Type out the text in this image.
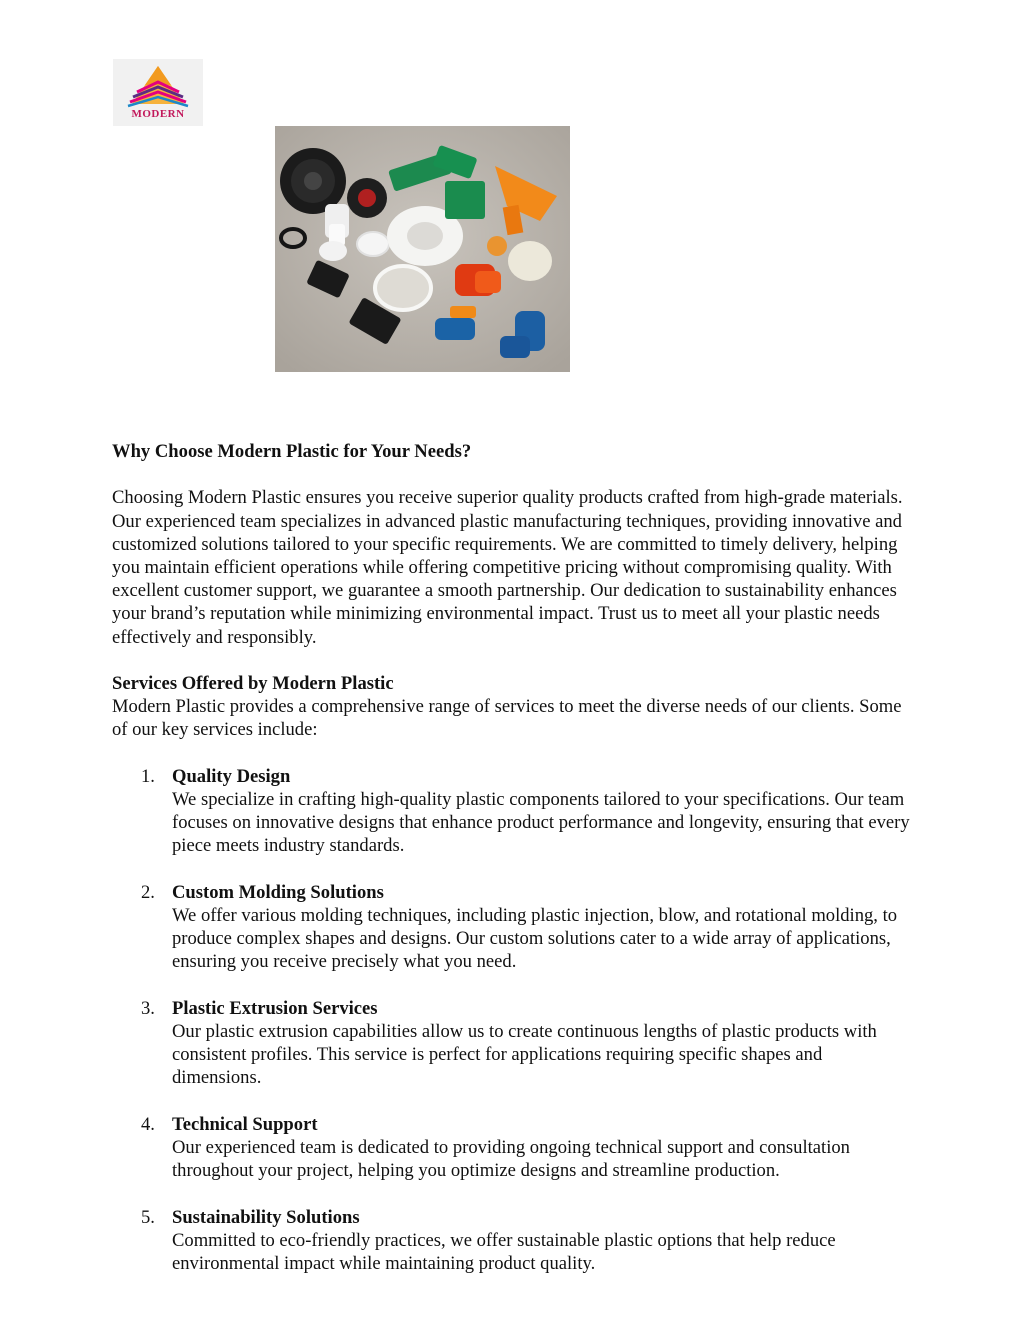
MODERN

Why Choose Modern Plastic for Your Needs?

Choosing Modern Plastic ensures you receive superior quality products crafted from high-grade materials. Our experienced team specializes in advanced plastic manufacturing techniques, providing innovative and customized solutions tailored to your specific requirements. We are committed to timely delivery, helping you maintain efficient operations while offering competitive pricing without compromising quality. With excellent customer support, we guarantee a smooth partnership. Our dedication to sustainability enhances your brand’s reputation while minimizing environmental impact. Trust us to meet all your plastic needs effectively and responsibly.

Services Offered by Modern Plastic

Modern Plastic provides a comprehensive range of services to meet the diverse needs of our clients. Some of our key services include:

1. Quality Design
We specialize in crafting high-quality plastic components tailored to your specifications. Our team focuses on innovative designs that enhance product performance and longevity, ensuring that every piece meets industry standards.
2. Custom Molding Solutions
We offer various molding techniques, including plastic injection, blow, and rotational molding, to produce complex shapes and designs. Our custom solutions cater to a wide array of applications, ensuring you receive precisely what you need.
3. Plastic Extrusion Services
Our plastic extrusion capabilities allow us to create continuous lengths of plastic products with consistent profiles. This service is perfect for applications requiring specific shapes and dimensions.
4. Technical Support
Our experienced team is dedicated to providing ongoing technical support and consultation throughout your project, helping you optimize designs and streamline production.
5. Sustainability Solutions
Committed to eco-friendly practices, we offer sustainable plastic options that help reduce environmental impact while maintaining product quality.
